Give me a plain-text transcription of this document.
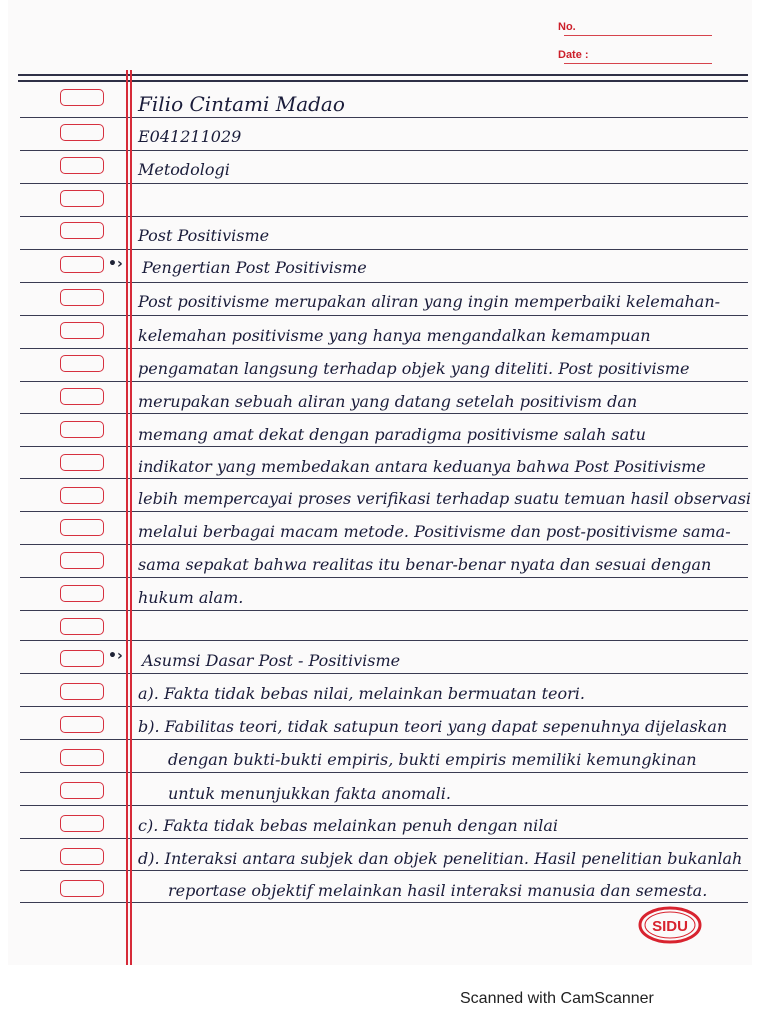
No.
Date :
•›
•›
Filio Cintami Madao
E041211029
Metodologi
Post Positivisme
Pengertian Post Positivisme
Post positivisme merupakan aliran yang ingin memperbaiki kelemahan-
kelemahan positivisme yang hanya mengandalkan kemampuan
pengamatan langsung terhadap objek yang diteliti. Post positivisme
merupakan sebuah aliran yang datang setelah positivism dan
memang amat dekat dengan paradigma positivisme salah satu
indikator yang membedakan antara keduanya bahwa Post Positivisme
lebih mempercayai proses verifikasi terhadap suatu temuan hasil observasi
melalui berbagai macam metode. Positivisme dan post-positivisme sama-
sama sepakat bahwa realitas itu benar-benar nyata dan sesuai dengan
hukum alam.
Asumsi Dasar Post - Positivisme
a). Fakta tidak bebas nilai, melainkan bermuatan teori.
b). Fabilitas teori, tidak satupun teori yang dapat sepenuhnya dijelaskan
dengan bukti-bukti empiris, bukti empiris memiliki kemungkinan
untuk menunjukkan fakta anomali.
c). Fakta tidak bebas melainkan penuh dengan nilai
d). Interaksi antara subjek dan objek penelitian. Hasil penelitian bukanlah
reportase objektif melainkan hasil interaksi manusia dan semesta.
SIDU
Scanned with CamScanner
